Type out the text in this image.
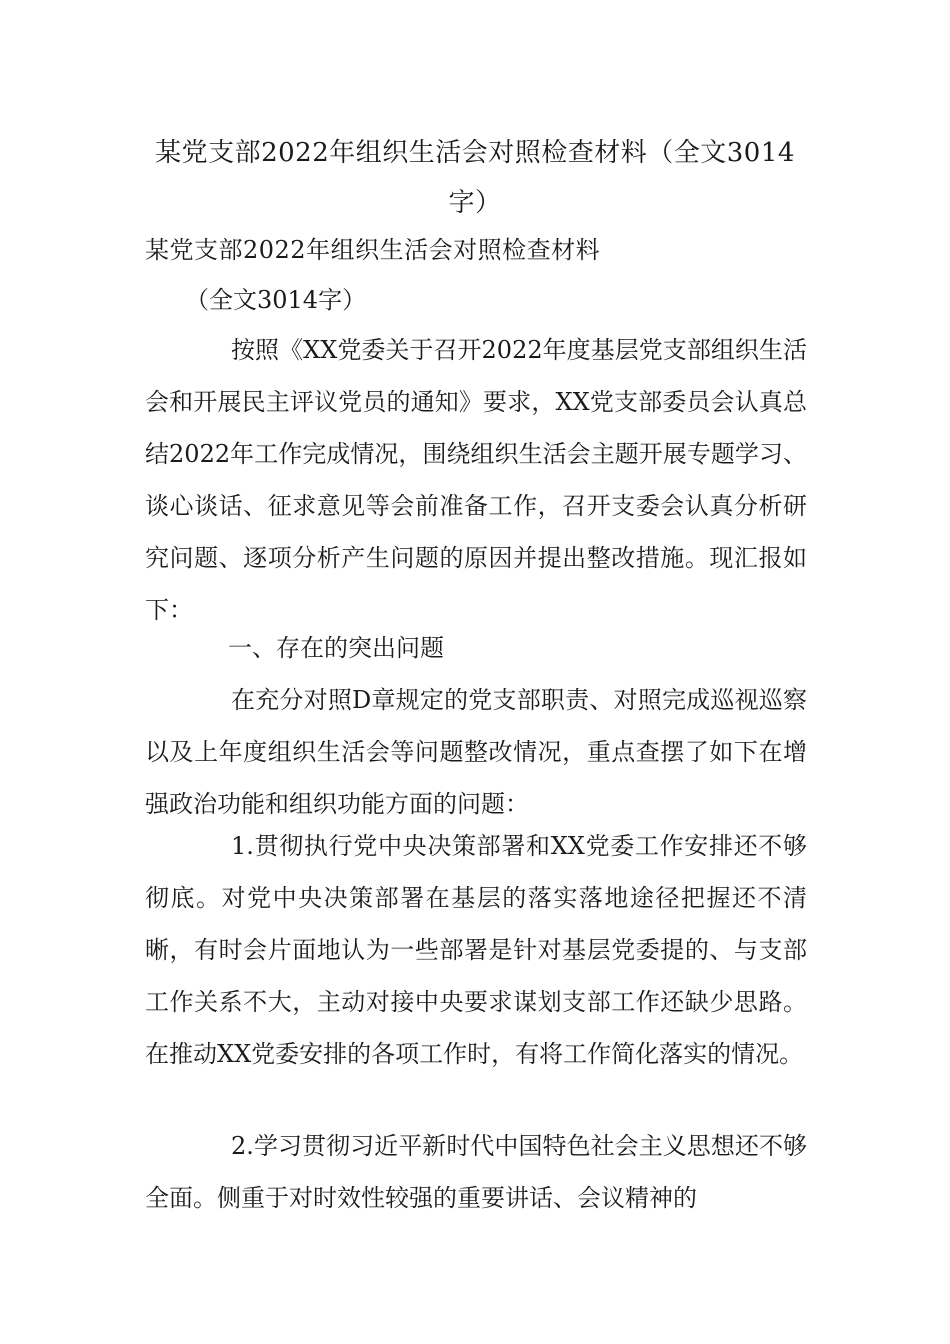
某党支部2022年组织生活会对照检查材料（全文3014字）
某党支部2022年组织生活会对照检查材料
（全文3014字）

按照《XX党委关于召开2022年度基层党支部组织生活会和开展民主评议党员的通知》要求，XX党支部委员会认真总结2022年工作完成情况，围绕组织生活会主题开展专题学习、谈心谈话、征求意见等会前准备工作，召开支委会认真分析研究问题、逐项分析产生问题的原因并提出整改措施。现汇报如下：

一、存在的突出问题

在充分对照D章规定的党支部职责、对照完成巡视巡察以及上年度组织生活会等问题整改情况，重点查摆了如下在增强政治功能和组织功能方面的问题：

1.贯彻执行党中央决策部署和XX党委工作安排还不够彻底。对党中央决策部署在基层的落实落地途径把握还不清晰，有时会片面地认为一些部署是针对基层党委提的、与支部工作关系不大，主动对接中央要求谋划支部工作还缺少思路。在推动XX党委安排的各项工作时，有将工作简化落实的情况。

2.学习贯彻习近平新时代中国特色社会主义思想还不够全面。侧重于对时效性较强的重要讲话、会议精神的
